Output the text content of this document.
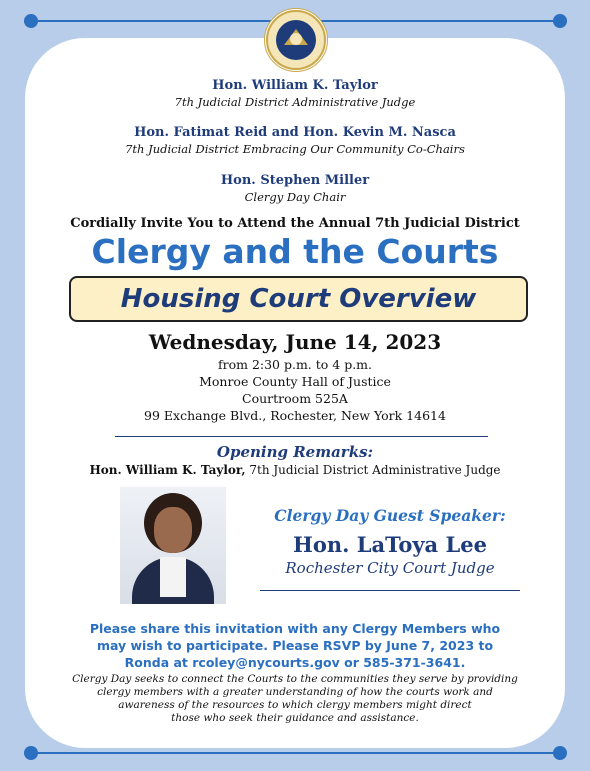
Hon. William K. Taylor
7th Judicial District Administrative Judge
Hon. Fatimat Reid and Hon. Kevin M. Nasca
7th Judicial District Embracing Our Community Co-Chairs
Hon. Stephen Miller
Clergy Day Chair
Cordially Invite You to Attend the Annual 7th Judicial District
Clergy and the Courts
Housing Court Overview
Wednesday, June 14, 2023
from 2:30 p.m. to 4 p.m.
Monroe County Hall of Justice
Courtroom 525A
99 Exchange Blvd., Rochester, New York 14614
Opening Remarks:
Hon. William K. Taylor, 7th Judicial District Administrative Judge
Clergy Day Guest Speaker:
Hon. LaToya Lee
Rochester City Court Judge
Please share this invitation with any Clergy Members who
may wish to participate. Please RSVP by June 7, 2023 to
Ronda at rcoley@nycourts.gov or 585-371-3641.
Clergy Day seeks to connect the Courts to the communities they serve by providing
clergy members with a greater understanding of how the courts work and
awareness of the resources to which clergy members might direct
those who seek their guidance and assistance.
